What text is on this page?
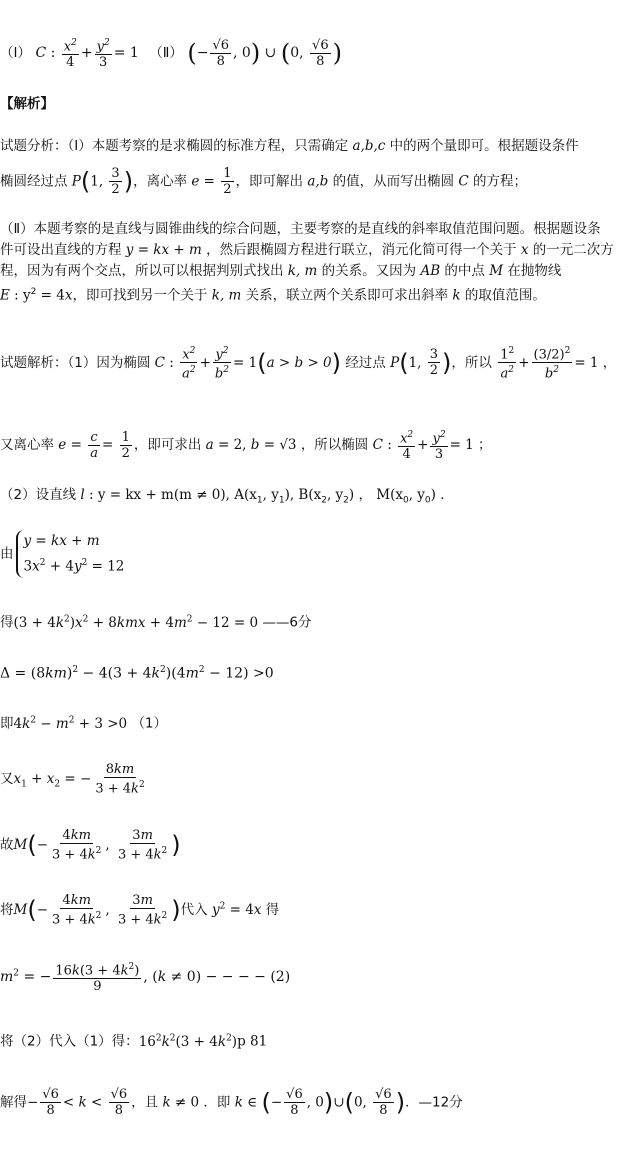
（Ⅰ） C : $\frac{x^2}{4} + \frac{y^2}{3} = 1$ （Ⅱ） (− $\frac{√6}{8}$ , 0) ∪ (0, $\frac{√6}{8}$ )
【解析】
试题分析：（Ⅰ）本题考察的是求椭圆的标准方程，只需确定 a,b,c 中的两个量即可。根据题设条件
椭圆经过点 P(1, $\frac{3}{2}$ )，离心率 $e = \frac{1}{2}$ ，即可解出 a,b 的值，从而写出椭圆 C 的方程；
（Ⅱ）本题考察的是直线与圆锥曲线的综合问题，主要考察的是直线的斜率取值范围问题。根据题设条
件可设出直线的方程 y = kx + m ，然后跟椭圆方程进行联立，消元化简可得一个关于 x 的一元二次方
程，因为有两个交点，所以可以根据判别式找出 k, m 的关系。又因为 AB 的中点 M 在抛物线
E : $y^2 = 4x$，即可找到另一个关于 k, m 关系，联立两个关系即可求出斜率 k 的取值范围。
试题解析：（1）因为椭圆 C : $\frac{x^2}{a^2} + \frac{y^2}{b^2} = 1(a > b > 0)$ 经过点 P(1, $\frac{3}{2}$ )，所以 $\frac{1^2}{a^2} + \frac{(3/2)^2}{b^2} = 1$ ，
又离心率 $e = \frac{c}{a} = \frac{1}{2}$ ，即可求出 a = 2, b = √3 ，所以椭圆 C : $\frac{x^2}{4} + \frac{y^2}{3} = 1$ ；
（2）设直线 l : y = kx + m(m ≠ 0), $A(x_1$, $y_1$), $B(x_2$, $y_2$) ， $M(x_0$, $y_0$) ．
由
y = kx + m
$3x^2 + 4y^2 = 12$
得$(3 + 4k^2)x^2 + 8kmx + 4m^2 - 12 = 0$ ——6分
$\Delta = (8km)^2 - 4(3 + 4k^2)(4m^2 - 12) >0$
即$4k^2 - m^2 + 3 >0$ （1）
又$x_1 + x_2$ = − $\frac{8km}{3 + 4k^2}$
故$M(- \frac{4km}{3 + 4k^2}$ , $\frac{3m}{3 + 4k^2}$ )
将$M(- \frac{4km}{3 + 4k^2}$ , $\frac{3m}{3 + 4k^2}$ )代入 $y^2 = 4x$ 得
$m^2$ = − $\frac{16k(3 + 4k^2)}{9}$ , (k ≠ 0) − − − − (2)
将（2）代入（1）得：$16^2k^2(3 + 4k^2)p$ 81
解得− $\frac{√6}{8} < k < \frac{√6}{8}$ ，且 k ≠ 0 ．即 k ∈ (− $\frac{√6}{8}$ , 0)∪(0, $\frac{√6}{8}$ )．—12分
